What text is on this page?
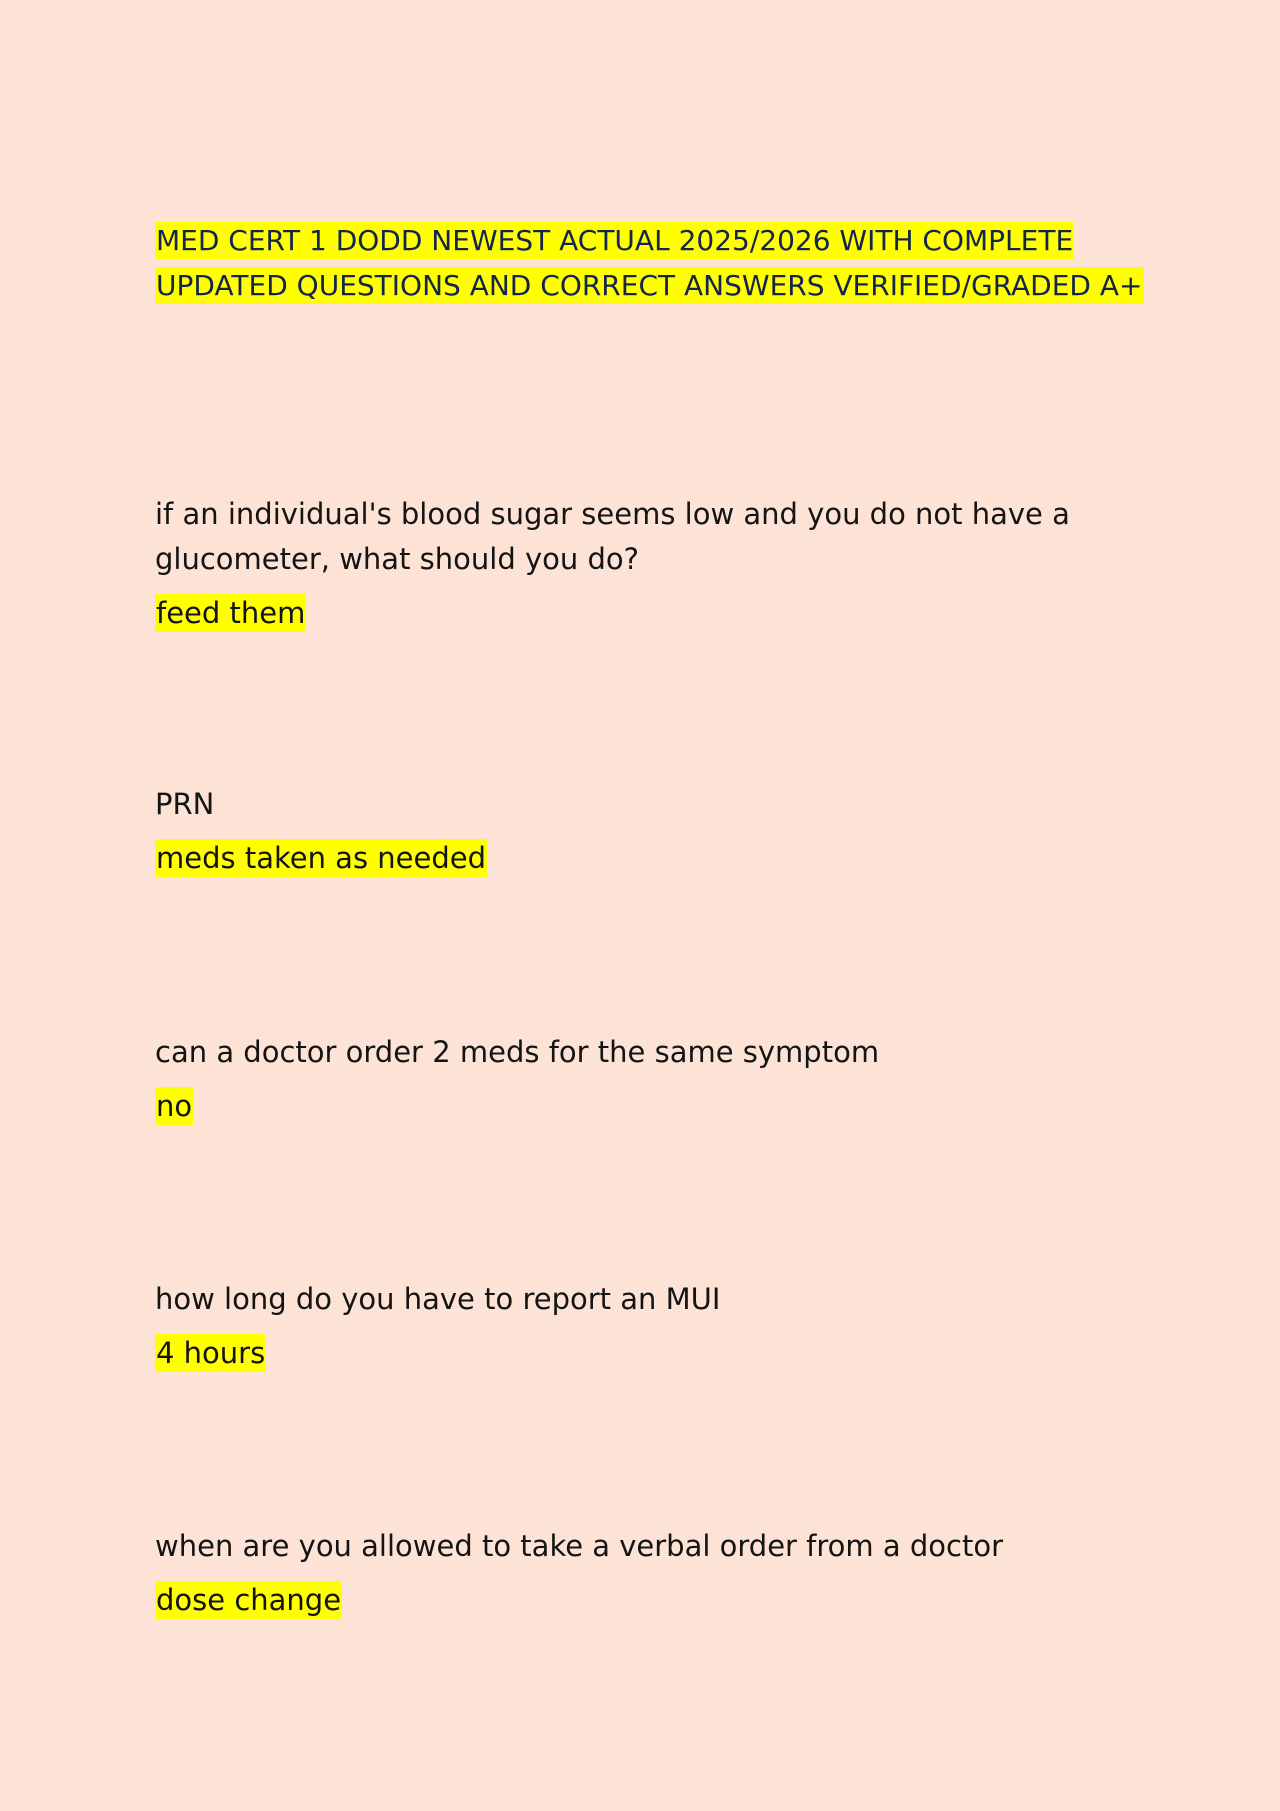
MED CERT 1 DODD NEWEST ACTUAL 2025/2026 WITH COMPLETE UPDATED QUESTIONS AND CORRECT ANSWERS VERIFIED/GRADED A+

if an individual's blood sugar seems low and you do not have a glucometer, what should you do?

feed them

PRN

meds taken as needed

can a doctor order 2 meds for the same symptom

no

how long do you have to report an MUI

4 hours

when are you allowed to take a verbal order from a doctor

dose change
